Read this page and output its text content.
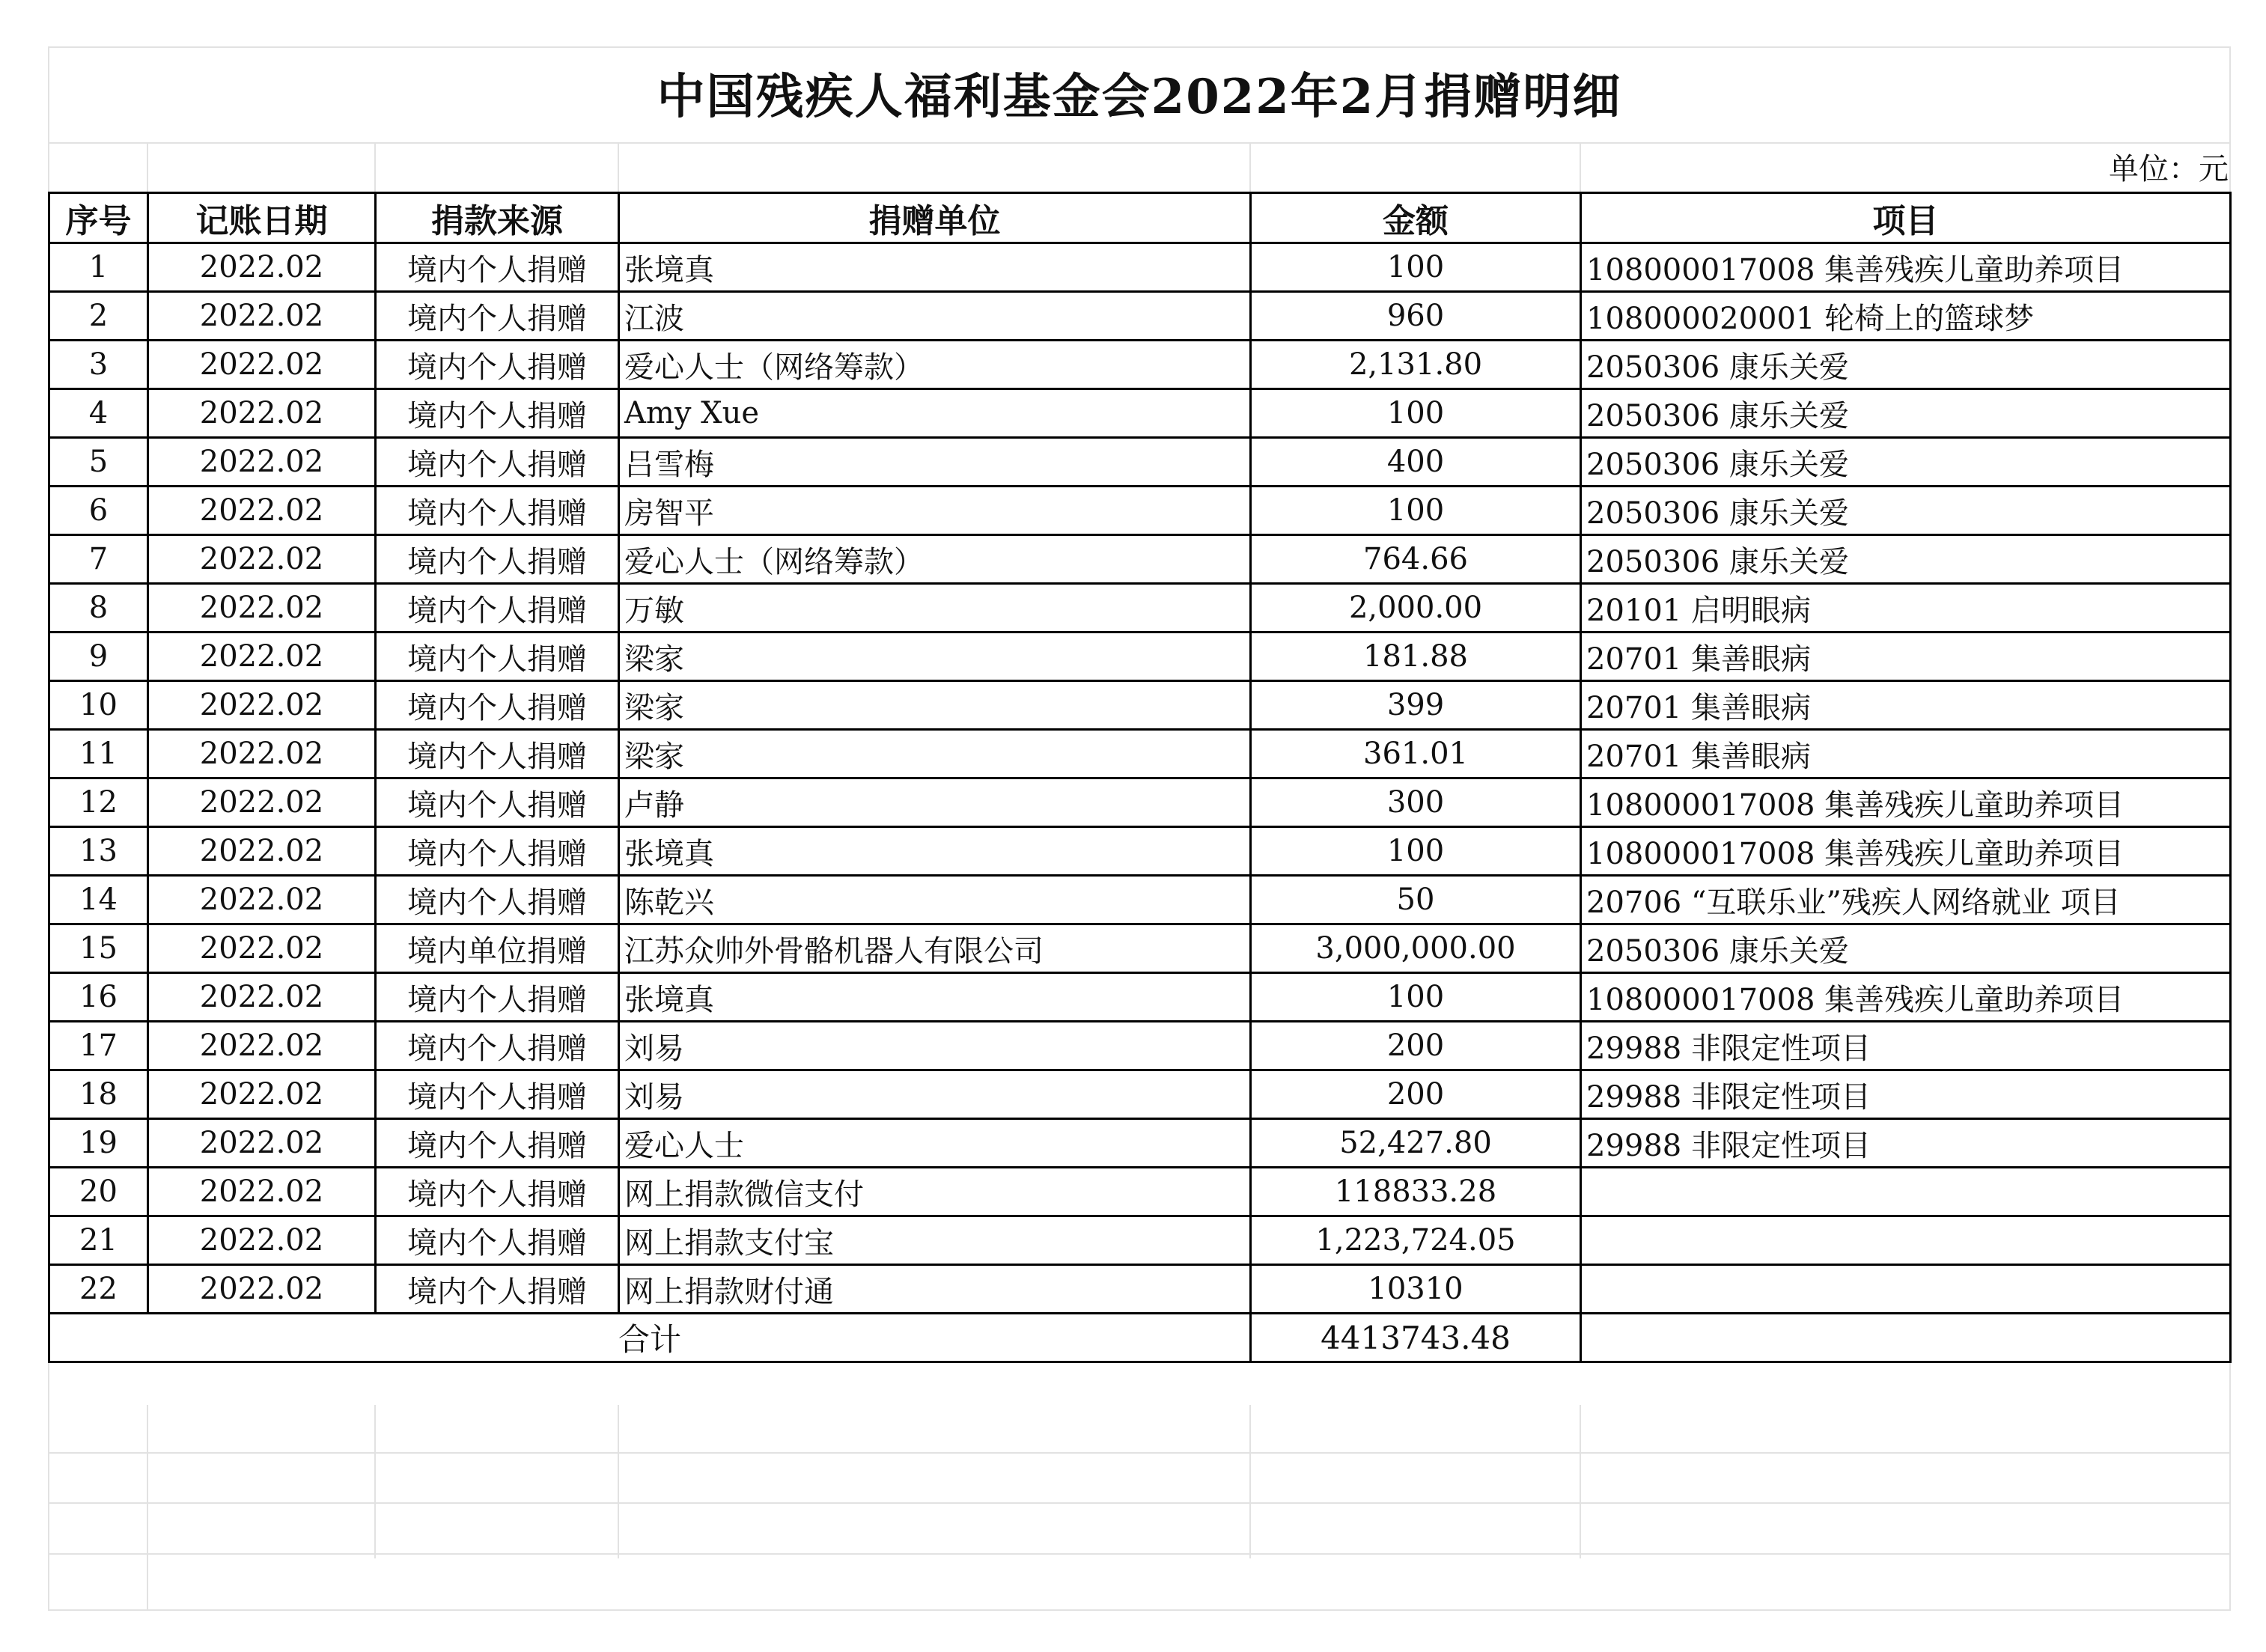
中国残疾人福利基金会2022年2月捐赠明细
单位：元
序号	记账日期	捐款来源	捐赠单位	金额	项目
1	2022.02	境内个人捐赠	张境真	100	108000017008 集善残疾儿童助养项目
2	2022.02	境内个人捐赠	江波	960	108000020001 轮椅上的篮球梦
3	2022.02	境内个人捐赠	爱心人士（网络筹款）	2,131.80	2050306 康乐关爱
4	2022.02	境内个人捐赠	Amy Xue	100	2050306 康乐关爱
5	2022.02	境内个人捐赠	吕雪梅	400	2050306 康乐关爱
6	2022.02	境内个人捐赠	房智平	100	2050306 康乐关爱
7	2022.02	境内个人捐赠	爱心人士（网络筹款）	764.66	2050306 康乐关爱
8	2022.02	境内个人捐赠	万敏	2,000.00	20101 启明眼病
9	2022.02	境内个人捐赠	梁家	181.88	20701 集善眼病
10	2022.02	境内个人捐赠	梁家	399	20701 集善眼病
11	2022.02	境内个人捐赠	梁家	361.01	20701 集善眼病
12	2022.02	境内个人捐赠	卢静	300	108000017008 集善残疾儿童助养项目
13	2022.02	境内个人捐赠	张境真	100	108000017008 集善残疾儿童助养项目
14	2022.02	境内个人捐赠	陈乾兴	50	20706 “互联乐业”残疾人网络就业 项目
15	2022.02	境内单位捐赠	江苏众帅外骨骼机器人有限公司	3,000,000.00	2050306 康乐关爱
16	2022.02	境内个人捐赠	张境真	100	108000017008 集善残疾儿童助养项目
17	2022.02	境内个人捐赠	刘易	200	29988 非限定性项目
18	2022.02	境内个人捐赠	刘易	200	29988 非限定性项目
19	2022.02	境内个人捐赠	爱心人士	52,427.80	29988 非限定性项目
20	2022.02	境内个人捐赠	网上捐款微信支付	118833.28	
21	2022.02	境内个人捐赠	网上捐款支付宝	1,223,724.05	
22	2022.02	境内个人捐赠	网上捐款财付通	10310	
合计				4413743.48	
